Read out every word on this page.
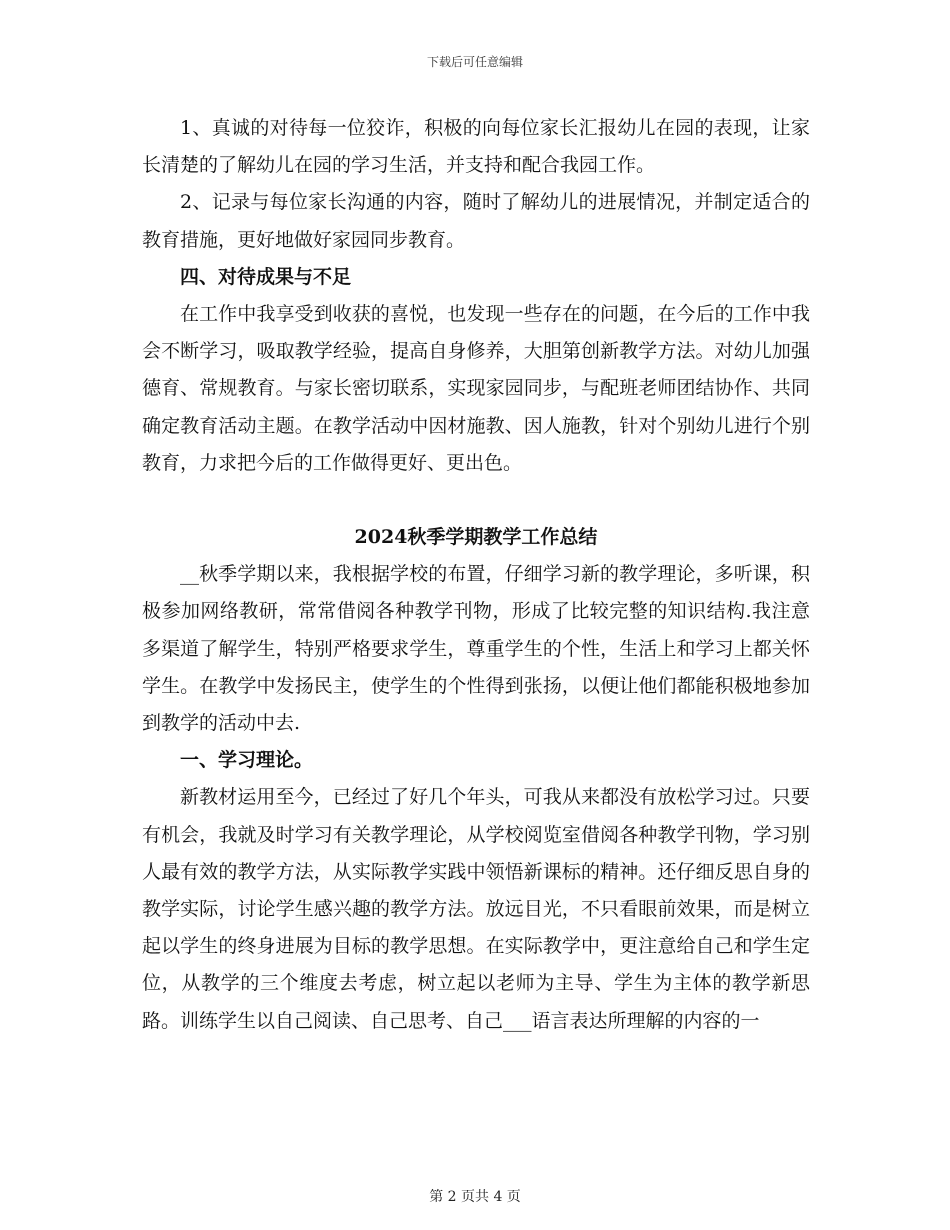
下载后可任意编辑

1、真诚的对待每一位狡诈，积极的向每位家长汇报幼儿在园的表现，让家长清楚的了解幼儿在园的学习生活，并支持和配合我园工作。

2、记录与每位家长沟通的内容，随时了解幼儿的进展情况，并制定适合的教育措施，更好地做好家园同步教育。

四、对待成果与不足

在工作中我享受到收获的喜悦，也发现一些存在的问题，在今后的工作中我会不断学习，吸取教学经验，提高自身修养，大胆第创新教学方法。对幼儿加强德育、常规教育。与家长密切联系，实现家园同步，与配班老师团结协作、共同确定教育活动主题。在教学活动中因材施教、因人施教，针对个别幼儿进行个别教育，力求把今后的工作做得更好、更出色。

2024秋季学期教学工作总结

__秋季学期以来，我根据学校的布置，仔细学习新的教学理论，多听课，积极参加网络教研，常常借阅各种教学刊物，形成了比较完整的知识结构.我注意多渠道了解学生，特别严格要求学生，尊重学生的个性，生活上和学习上都关怀学生。在教学中发扬民主，使学生的个性得到张扬，以便让他们都能积极地参加到教学的活动中去.

一、学习理论。

新教材运用至今，已经过了好几个年头，可我从来都没有放松学习过。只要有机会，我就及时学习有关教学理论，从学校阅览室借阅各种教学刊物，学习别人最有效的教学方法，从实际教学实践中领悟新课标的精神。还仔细反思自身的教学实际，讨论学生感兴趣的教学方法。放远目光，不只看眼前效果，而是树立起以学生的终身进展为目标的教学思想。在实际教学中，更注意给自己和学生定位，从教学的三个维度去考虑，树立起以老师为主导、学生为主体的教学新思路。训练学生以自己阅读、自己思考、自己___语言表达所理解的内容的一

第 2 页共 4 页
